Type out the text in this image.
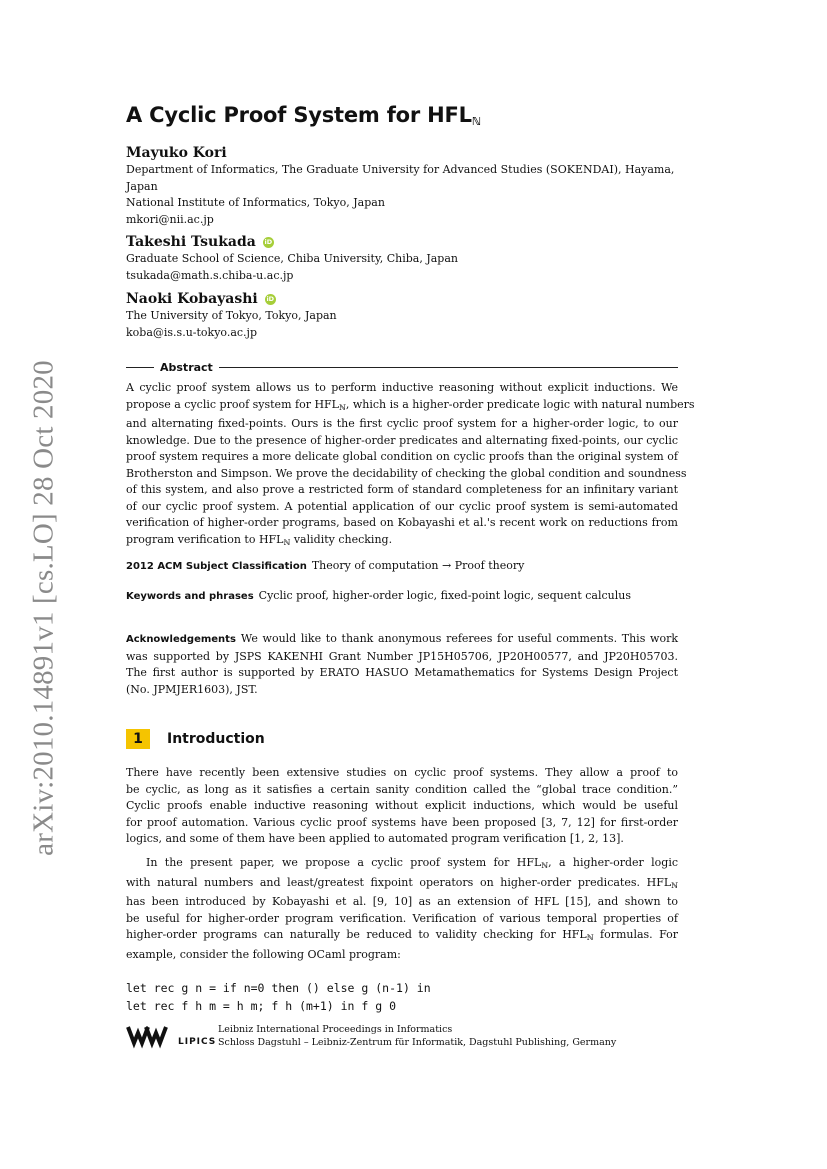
arXiv:2010.14891v1 [cs.LO] 28 Oct 2020
A Cyclic Proof System for HFLℕ
Mayuko Kori
Department of Informatics, The Graduate University for Advanced Studies (SOKENDAI), Hayama,
Japan
National Institute of Informatics, Tokyo, Japan
mkori@nii.ac.jp
Takeshi Tsukada iD
Graduate School of Science, Chiba University, Chiba, Japan
tsukada@math.s.chiba-u.ac.jp
Naoki Kobayashi iD
The University of Tokyo, Tokyo, Japan
koba@is.s.u-tokyo.ac.jp
Abstract
A cyclic proof system allows us to perform inductive reasoning without explicit inductions. We
propose a cyclic proof system for HFLℕ, which is a higher-order predicate logic with natural numbers
and alternating fixed-points. Ours is the first cyclic proof system for a higher-order logic, to our
knowledge. Due to the presence of higher-order predicates and alternating fixed-points, our cyclic
proof system requires a more delicate global condition on cyclic proofs than the original system of
Brotherston and Simpson. We prove the decidability of checking the global condition and soundness
of this system, and also prove a restricted form of standard completeness for an infinitary variant
of our cyclic proof system. A potential application of our cyclic proof system is semi-automated
verification of higher-order programs, based on Kobayashi et al.'s recent work on reductions from
program verification to HFLℕ validity checking.
2012 ACM Subject Classification Theory of computation → Proof theory
Keywords and phrases Cyclic proof, higher-order logic, fixed-point logic, sequent calculus
Acknowledgements We would like to thank anonymous referees for useful comments. This work
was supported by JSPS KAKENHI Grant Number JP15H05706, JP20H00577, and JP20H05703.
The first author is supported by ERATO HASUO Metamathematics for Systems Design Project
(No. JPMJER1603), JST.
1	Introduction
There have recently been extensive studies on cyclic proof systems. They allow a proof to
be cyclic, as long as it satisfies a certain sanity condition called the “global trace condition.”
Cyclic proofs enable inductive reasoning without explicit inductions, which would be useful
for proof automation. Various cyclic proof systems have been proposed [3, 7, 12] for first-order
logics, and some of them have been applied to automated program verification [1, 2, 13].
In the present paper, we propose a cyclic proof system for HFLℕ, a higher-order logic
with natural numbers and least/greatest fixpoint operators on higher-order predicates. HFLℕ
has been introduced by Kobayashi et al. [9, 10] as an extension of HFL [15], and shown to
be useful for higher-order program verification. Verification of various temporal properties of
higher-order programs can naturally be reduced to validity checking for HFLℕ formulas. For
example, consider the following OCaml program:
let rec g n = if n=0 then () else g (n-1) in
let rec f h m = h m; f h (m+1) in f g 0
LIPICS
Leibniz International Proceedings in Informatics
Schloss Dagstuhl – Leibniz-Zentrum für Informatik, Dagstuhl Publishing, Germany
